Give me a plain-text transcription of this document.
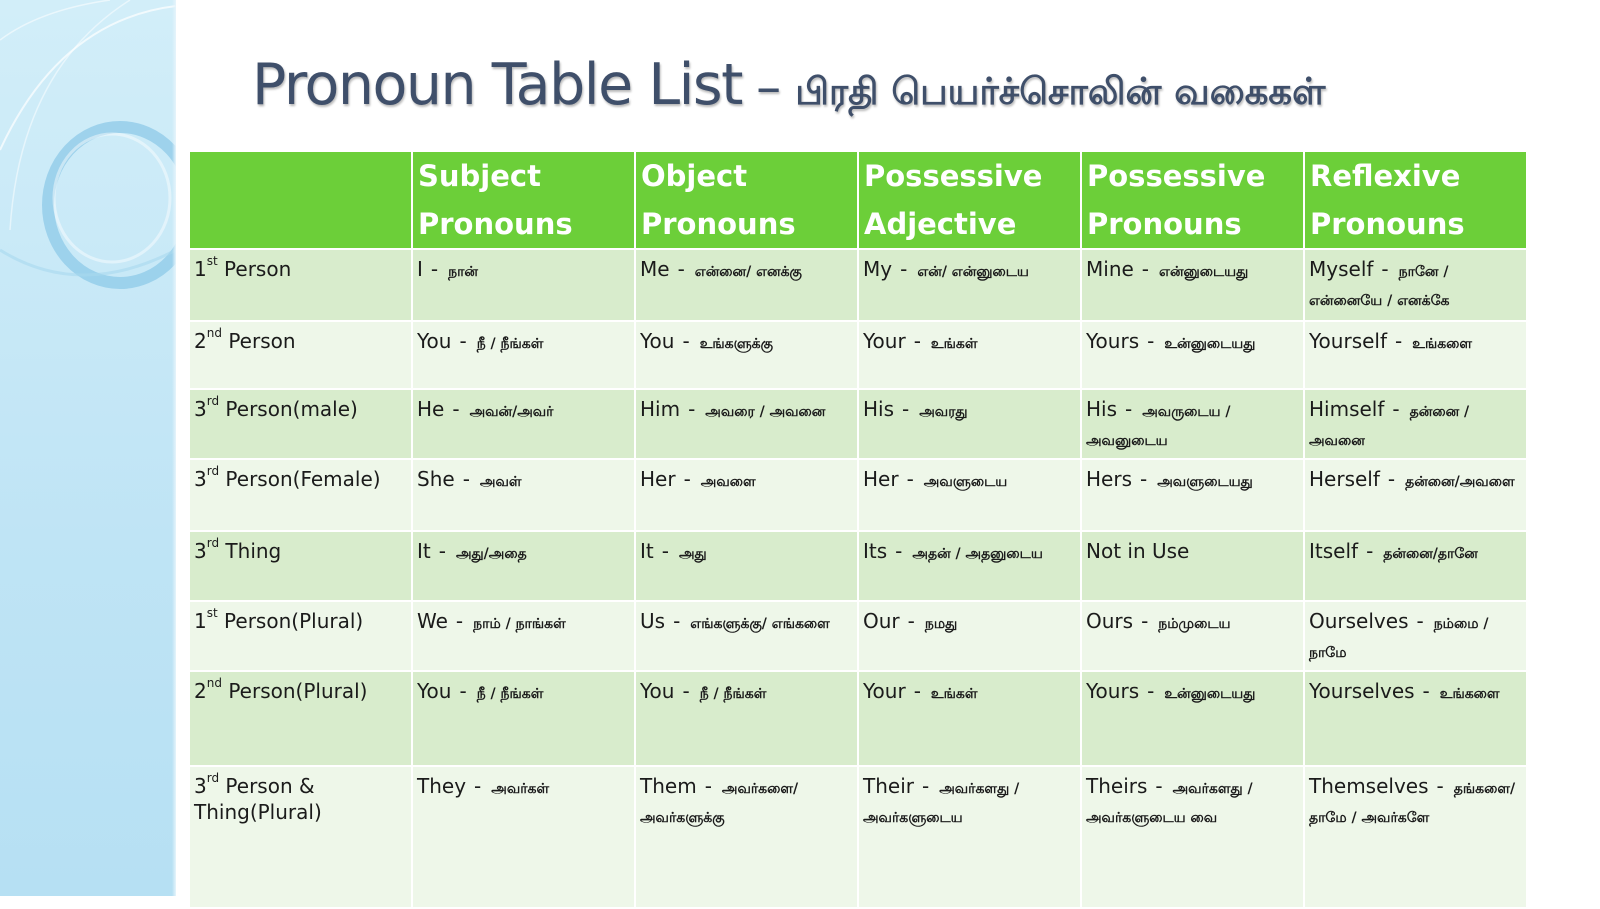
Pronoun Table List – பிரதி பெயர்ச்சொலின் வகைகள்
	Subject Pronouns	Object Pronouns	Possessive Adjective	Possessive Pronouns	Reflexive Pronouns
1st Person	I - நான்	Me - என்னை/ எனக்கு	My - என்/ என்னுடைய	Mine - என்னுடையது	Myself - நானே / என்னையே / எனக்கே
2nd Person	You - நீ / நீங்கள்	You - உங்களுக்கு	Your - உங்கள்	Yours - உன்னுடையது	Yourself - உங்களை
3rd Person(male)	He - அவன்/அவர்	Him - அவரை / அவனை	His - அவரது	His - அவருடைய /அவனுடைய	Himself - தன்னை / அவனை
3rd Person(Female)	She - அவள்	Her - அவளை	Her - அவளுடைய	Hers - அவளுடையது	Herself - தன்னை/அவளை
3rd Thing	It - அது/அதை	It - அது	Its - அதன் / அதனுடைய	Not in Use	Itself - தன்னை/தானே
1st Person(Plural)	We - நாம் / நாங்கள்	Us - எங்களுக்கு/ எங்களை	Our - நமது	Ours - நம்முடைய	Ourselves - நம்மை /நாமே
2nd Person(Plural)	You - நீ / நீங்கள்	You - நீ / நீங்கள்	Your - உங்கள்	Yours - உன்னுடையது	Yourselves - உங்களை
3rd Person & Thing(Plural)	They - அவர்கள்	Them - அவர்களை/ அவர்களுக்கு	Their - அவர்களது / அவர்களுடைய	Theirs - அவர்களது / அவர்களுடைய வை	Themselves - தங்களை/ தாமே / அவர்களே
